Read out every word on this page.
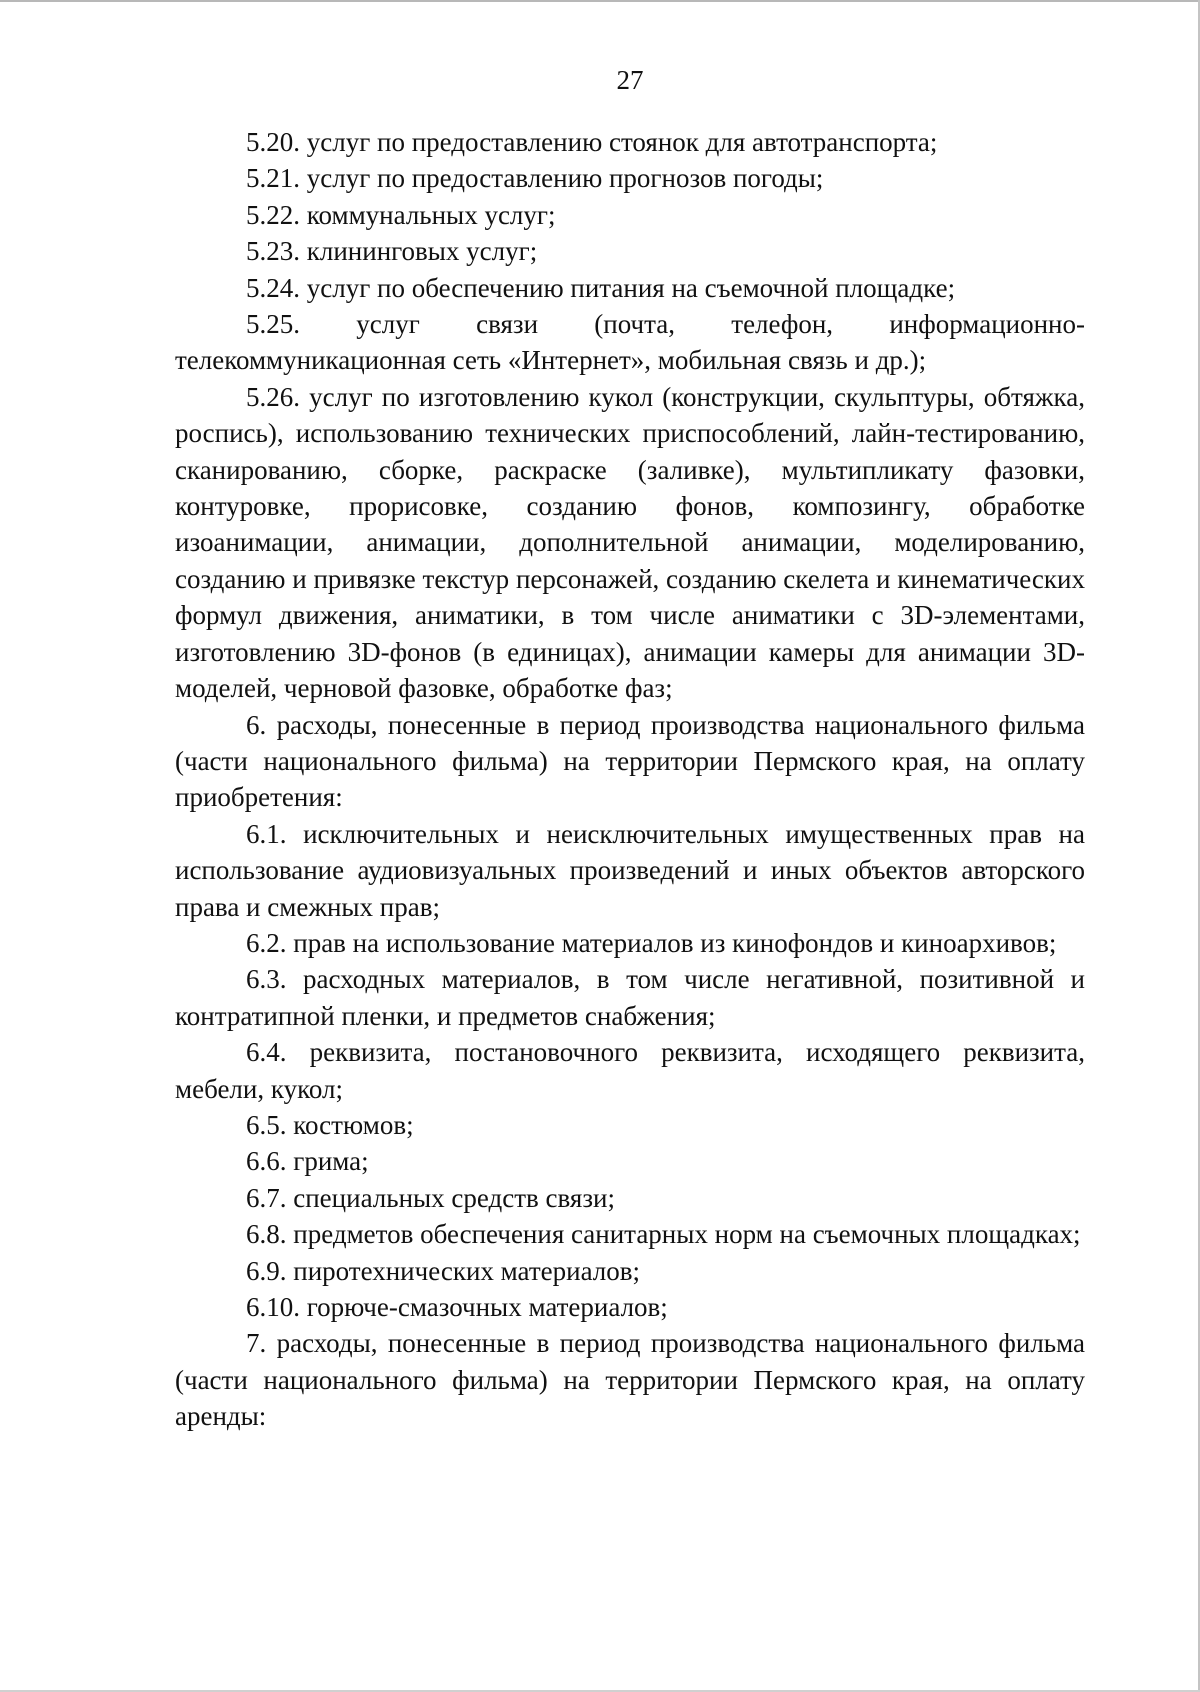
27

5.20. услуг по предоставлению стоянок для автотранспорта;

5.21. услуг по предоставлению прогнозов погоды;

5.22. коммунальных услуг;

5.23. клининговых услуг;

5.24. услуг по обеспечению питания на съемочной площадке;

5.25. услуг связи (почта, телефон, информационно-телекоммуникационная сеть «Интернет», мобильная связь и др.);

5.26. услуг по изготовлению кукол (конструкции, скульптуры, обтяжка, роспись), использованию технических приспособлений, лайн-тестированию, сканированию, сборке, раскраске (заливке), мультипликату фазовки, контуровке, прорисовке, созданию фонов, композингу, обработке изоанимации, анимации, дополнительной анимации, моделированию, созданию и привязке текстур персонажей, созданию скелета и кинематических формул движения, аниматики, в том числе аниматики с 3D-элементами, изготовлению 3D-фонов (в единицах), анимации камеры для анимации 3D-моделей, черновой фазовке, обработке фаз;

6. расходы, понесенные в период производства национального фильма (части национального фильма) на территории Пермского края, на оплату приобретения:

6.1. исключительных и неисключительных имущественных прав на использование аудиовизуальных произведений и иных объектов авторского права и смежных прав;

6.2. прав на использование материалов из кинофондов и киноархивов;

6.3. расходных материалов, в том числе негативной, позитивной и контратипной пленки, и предметов снабжения;

6.4. реквизита, постановочного реквизита, исходящего реквизита, мебели, кукол;

6.5. костюмов;

6.6. грима;

6.7. специальных средств связи;

6.8. предметов обеспечения санитарных норм на съемочных площадках;

6.9. пиротехнических материалов;

6.10. горюче-смазочных материалов;

7. расходы, понесенные в период производства национального фильма (части национального фильма) на территории Пермского края, на оплату аренды:
